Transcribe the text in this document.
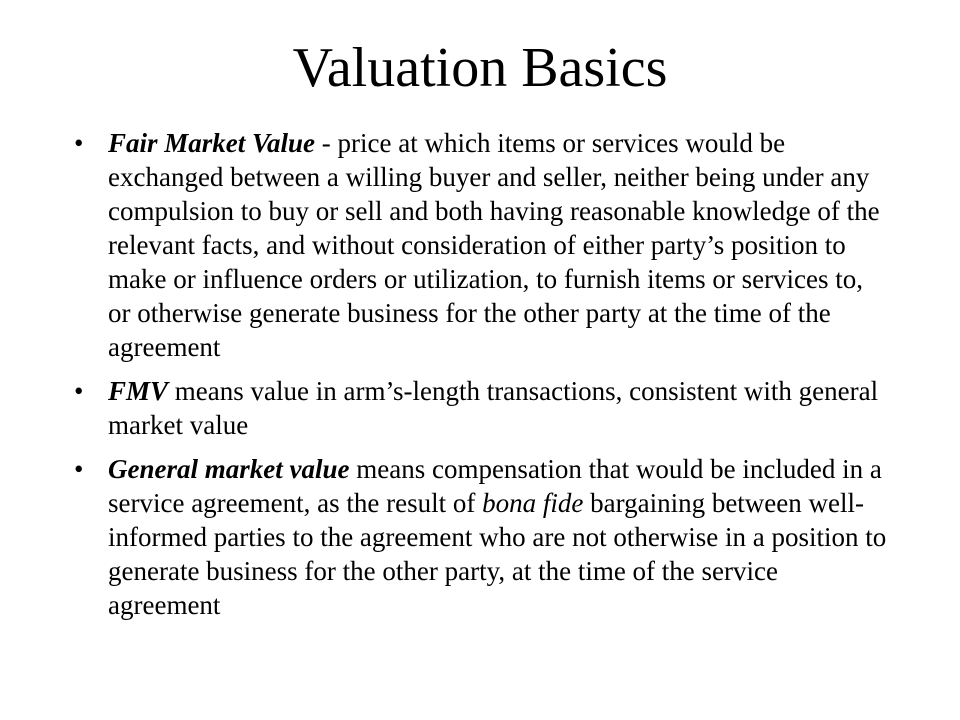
Valuation Basics
• Fair Market Value - price at which items or services would be exchanged between a willing buyer and seller, neither being under any compulsion to buy or sell and both having reasonable knowledge of the relevant facts, and without consideration of either party’s position to make or influence orders or utilization, to furnish items or services to, or otherwise generate business for the other party at the time of the agreement
• FMV means value in arm’s-length transactions, consistent with general market value
• General market value means compensation that would be included in a service agreement, as the result of bona fide bargaining between well-informed parties to the agreement who are not otherwise in a position to generate business for the other party, at the time of the service agreement
